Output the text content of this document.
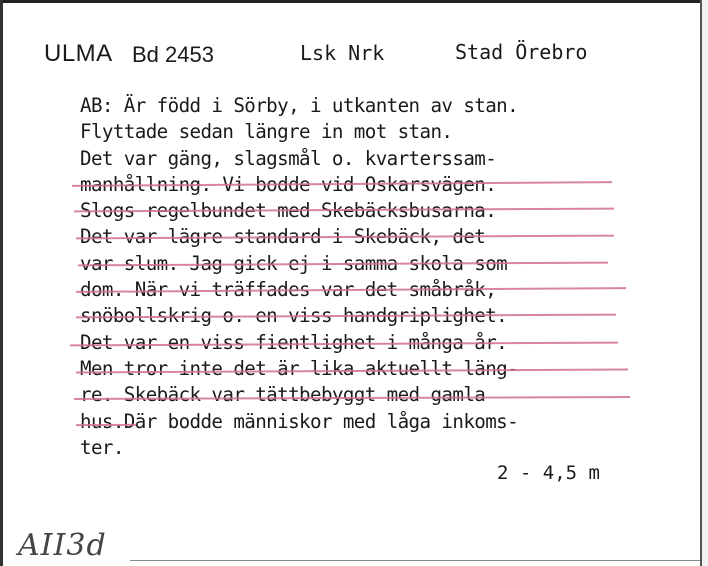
ULMA Bd 2453	Lsk Nrk	Stad Örebro
AB: Är född i Sörby, i utkanten av stan.
Flyttade sedan längre in mot stan.
Det var gäng, slagsmål o. kvarterssam-
manhållning. Vi bodde vid Oskarsvägen.
Slogs regelbundet med Skebäcksbusarna.
Det var lägre standard i Skebäck, det
var slum. Jag gick ej i samma skola som
dom. När vi träffades var det småbråk,
snöbollskrig o. en viss handgriplighet.
Det var en viss fientlighet i många år.
Men tror inte det är lika aktuellt läng-
re. Skebäck var tättbebyggt med gamla
hus.Där bodde människor med låga inkoms-
ter.
2 - 4,5 m
AII3d
